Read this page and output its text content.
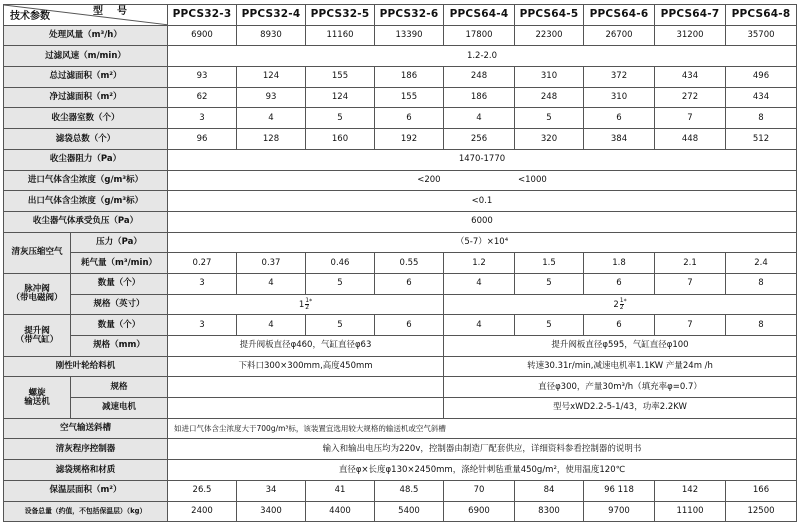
型号
技术参数		PPCS32-3	PPCS32-4	PPCS32-5	PPCS32-6	PPCS64-4	PPCS64-5	PPCS64-6	PPCS64-7	PPCS64-8
处理风量（m³/h）		6900	8930	11160	13390	17800	22300	26700	31200	35700
过滤风速（m/min）		1.2-2.0								
总过滤面积（m²）		93	124	155	186	248	310	372	434	496
净过滤面积（m²）		62	93	124	155	186	248	310	272	434
收尘器室数（个）		3	4	5	6	4	5	6	7	8
滤袋总数（个）		96	128	160	192	256	320	384	448	512
收尘器阻力（Pa）		1470-1770								
进口气体含尘浓度（g/m³标）		<200 <1000								
出口气体含尘浓度（g/m³标）		<0.1								
收尘器气体承受负压（Pa）		6000								
清灰压缩空气	压力（Pa）	（5-7）×10⁴								
	耗气量（m³/min）	0.27	0.37	0.46	0.55	1.2	1.5	1.8	2.1	2.4

脉冲阀
（带电磁阀）	数量（个）	3	4	5	6	4	5	6	7	8
	规格（英寸）	$1 \frac{1}{2} ^*$				$2 \frac{1}{2} ^*$

提升阀
（带气缸）	数量（个）	3	4	5	6	4	5	6	7	8
	规格（mm）	提升阀板直径φ460，气缸直径φ63				提升阀板直径φ595，气缸直径φ100				
刚性叶轮给料机		下料口300×300mm,高度450mm				转速30.31r/min,减速电机率1.1KW 产量24m /h				

螺旋
输送机	规格					直径φ300，产量30m³/h（填充率φ=0.7）				
	减速电机					型号xWD2.2-5-1/43，功率2.2KW				
空气输送斜槽		如进口气体含尘浓度大于700g/m³标，该装置宜选用较大规格的输送机或空气斜槽								
清灰程序控制器		输入和输出电压均为220v，控制器由制造厂配套供应，详细资料参看控制器的说明书								
滤袋规格和材质		直径φ×长度φ130×2450mm，涤纶针刺毡重量450g/m²，使用温度120℃								
保温层面积（m²）		26.5	34	41	48.5	70	84	96 118	142	166
设备总量（约值，不包括保温层）（kg）		2400	3400	4400	5400	6900	8300	9700	11100	12500
